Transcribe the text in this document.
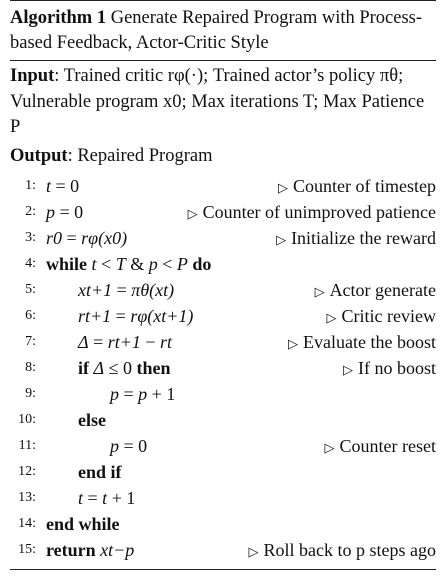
Algorithm 1 Generate Repaired Program with Process-based Feedback, Actor-Critic Style
Input: Trained critic rφ(·); Trained actor’s policy πθ; Vulnerable program x0; Max iterations T; Max Patience P
Output: Repaired Program
1: t = 0	▷ Counter of timestep
2: p = 0	▷ Counter of unimproved patience
3: r0 = rφ(x0)	▷ Initialize the reward
4: while t < T & p < P do
5: xt+1 = πθ(xt)	▷ Actor generate
6: rt+1 = rφ(xt+1)	▷ Critic review
7: Δ = rt+1 − rt	▷ Evaluate the boost
8: if Δ ≤ 0 then	▷ If no boost
9:	p = p + 1
10: else
11:	p = 0	▷ Counter reset
12: end if
13: t = t + 1
14: end while
15: return xt−p	▷ Roll back to p steps ago
